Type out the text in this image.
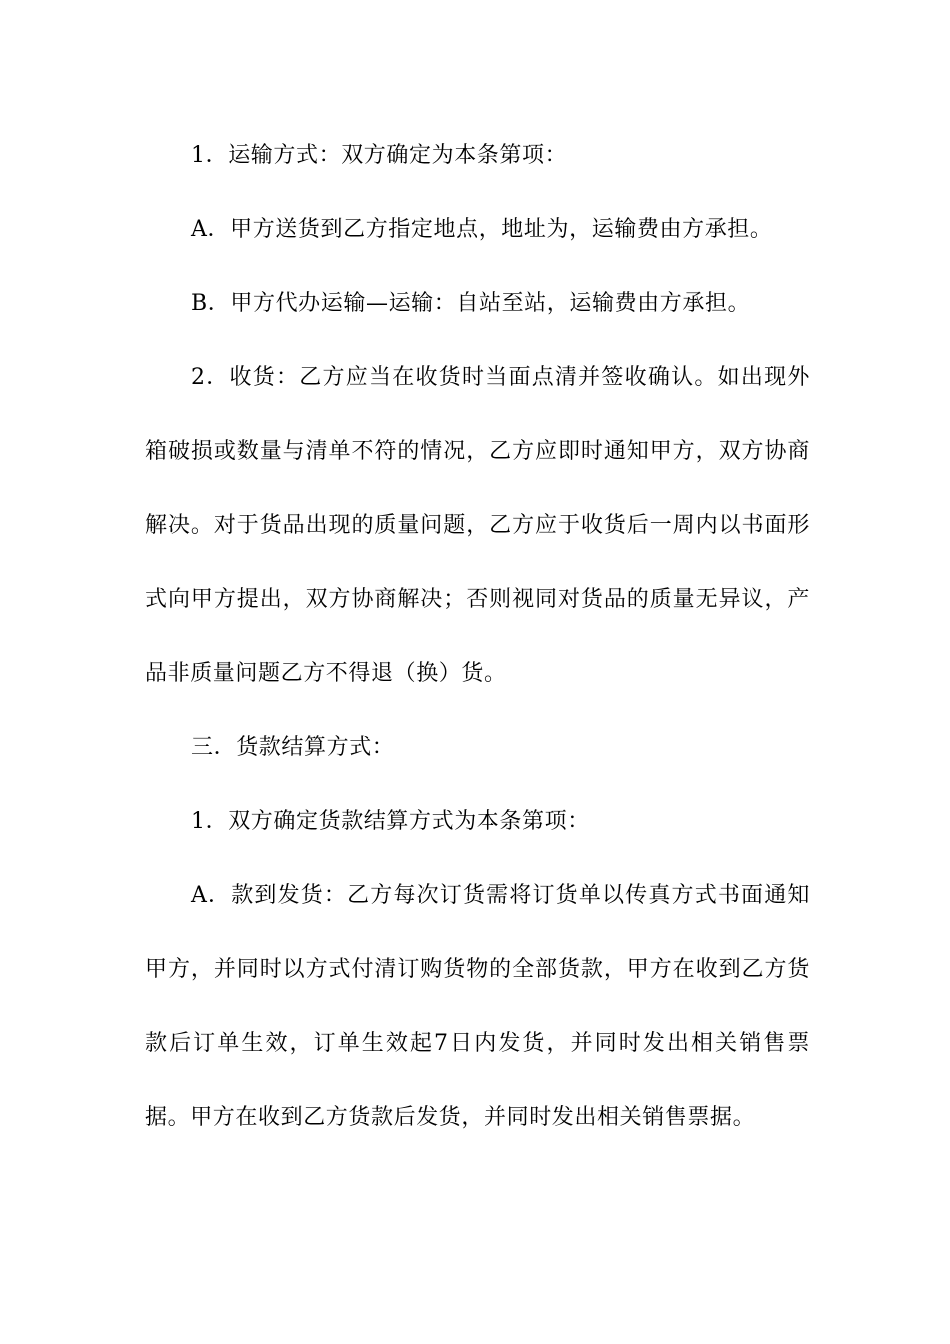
1．运输方式：双方确定为本条第项：

A．甲方送货到乙方指定地点，地址为，运输费由方承担。

B．甲方代办运输—运输：自站至站，运输费由方承担。

2．收货：乙方应当在收货时当面点清并签收确认。如出现外箱破损或数量与清单不符的情况，乙方应即时通知甲方，双方协商解决。对于货品出现的质量问题，乙方应于收货后一周内以书面形式向甲方提出，双方协商解决；否则视同对货品的质量无异议，产品非质量问题乙方不得退（换）货。

三．货款结算方式：

1．双方确定货款结算方式为本条第项：

A．款到发货：乙方每次订货需将订货单以传真方式书面通知甲方，并同时以方式付清订购货物的全部货款，甲方在收到乙方货款后订单生效，订单生效起7日内发货，并同时发出相关销售票据。甲方在收到乙方货款后发货，并同时发出相关销售票据。
